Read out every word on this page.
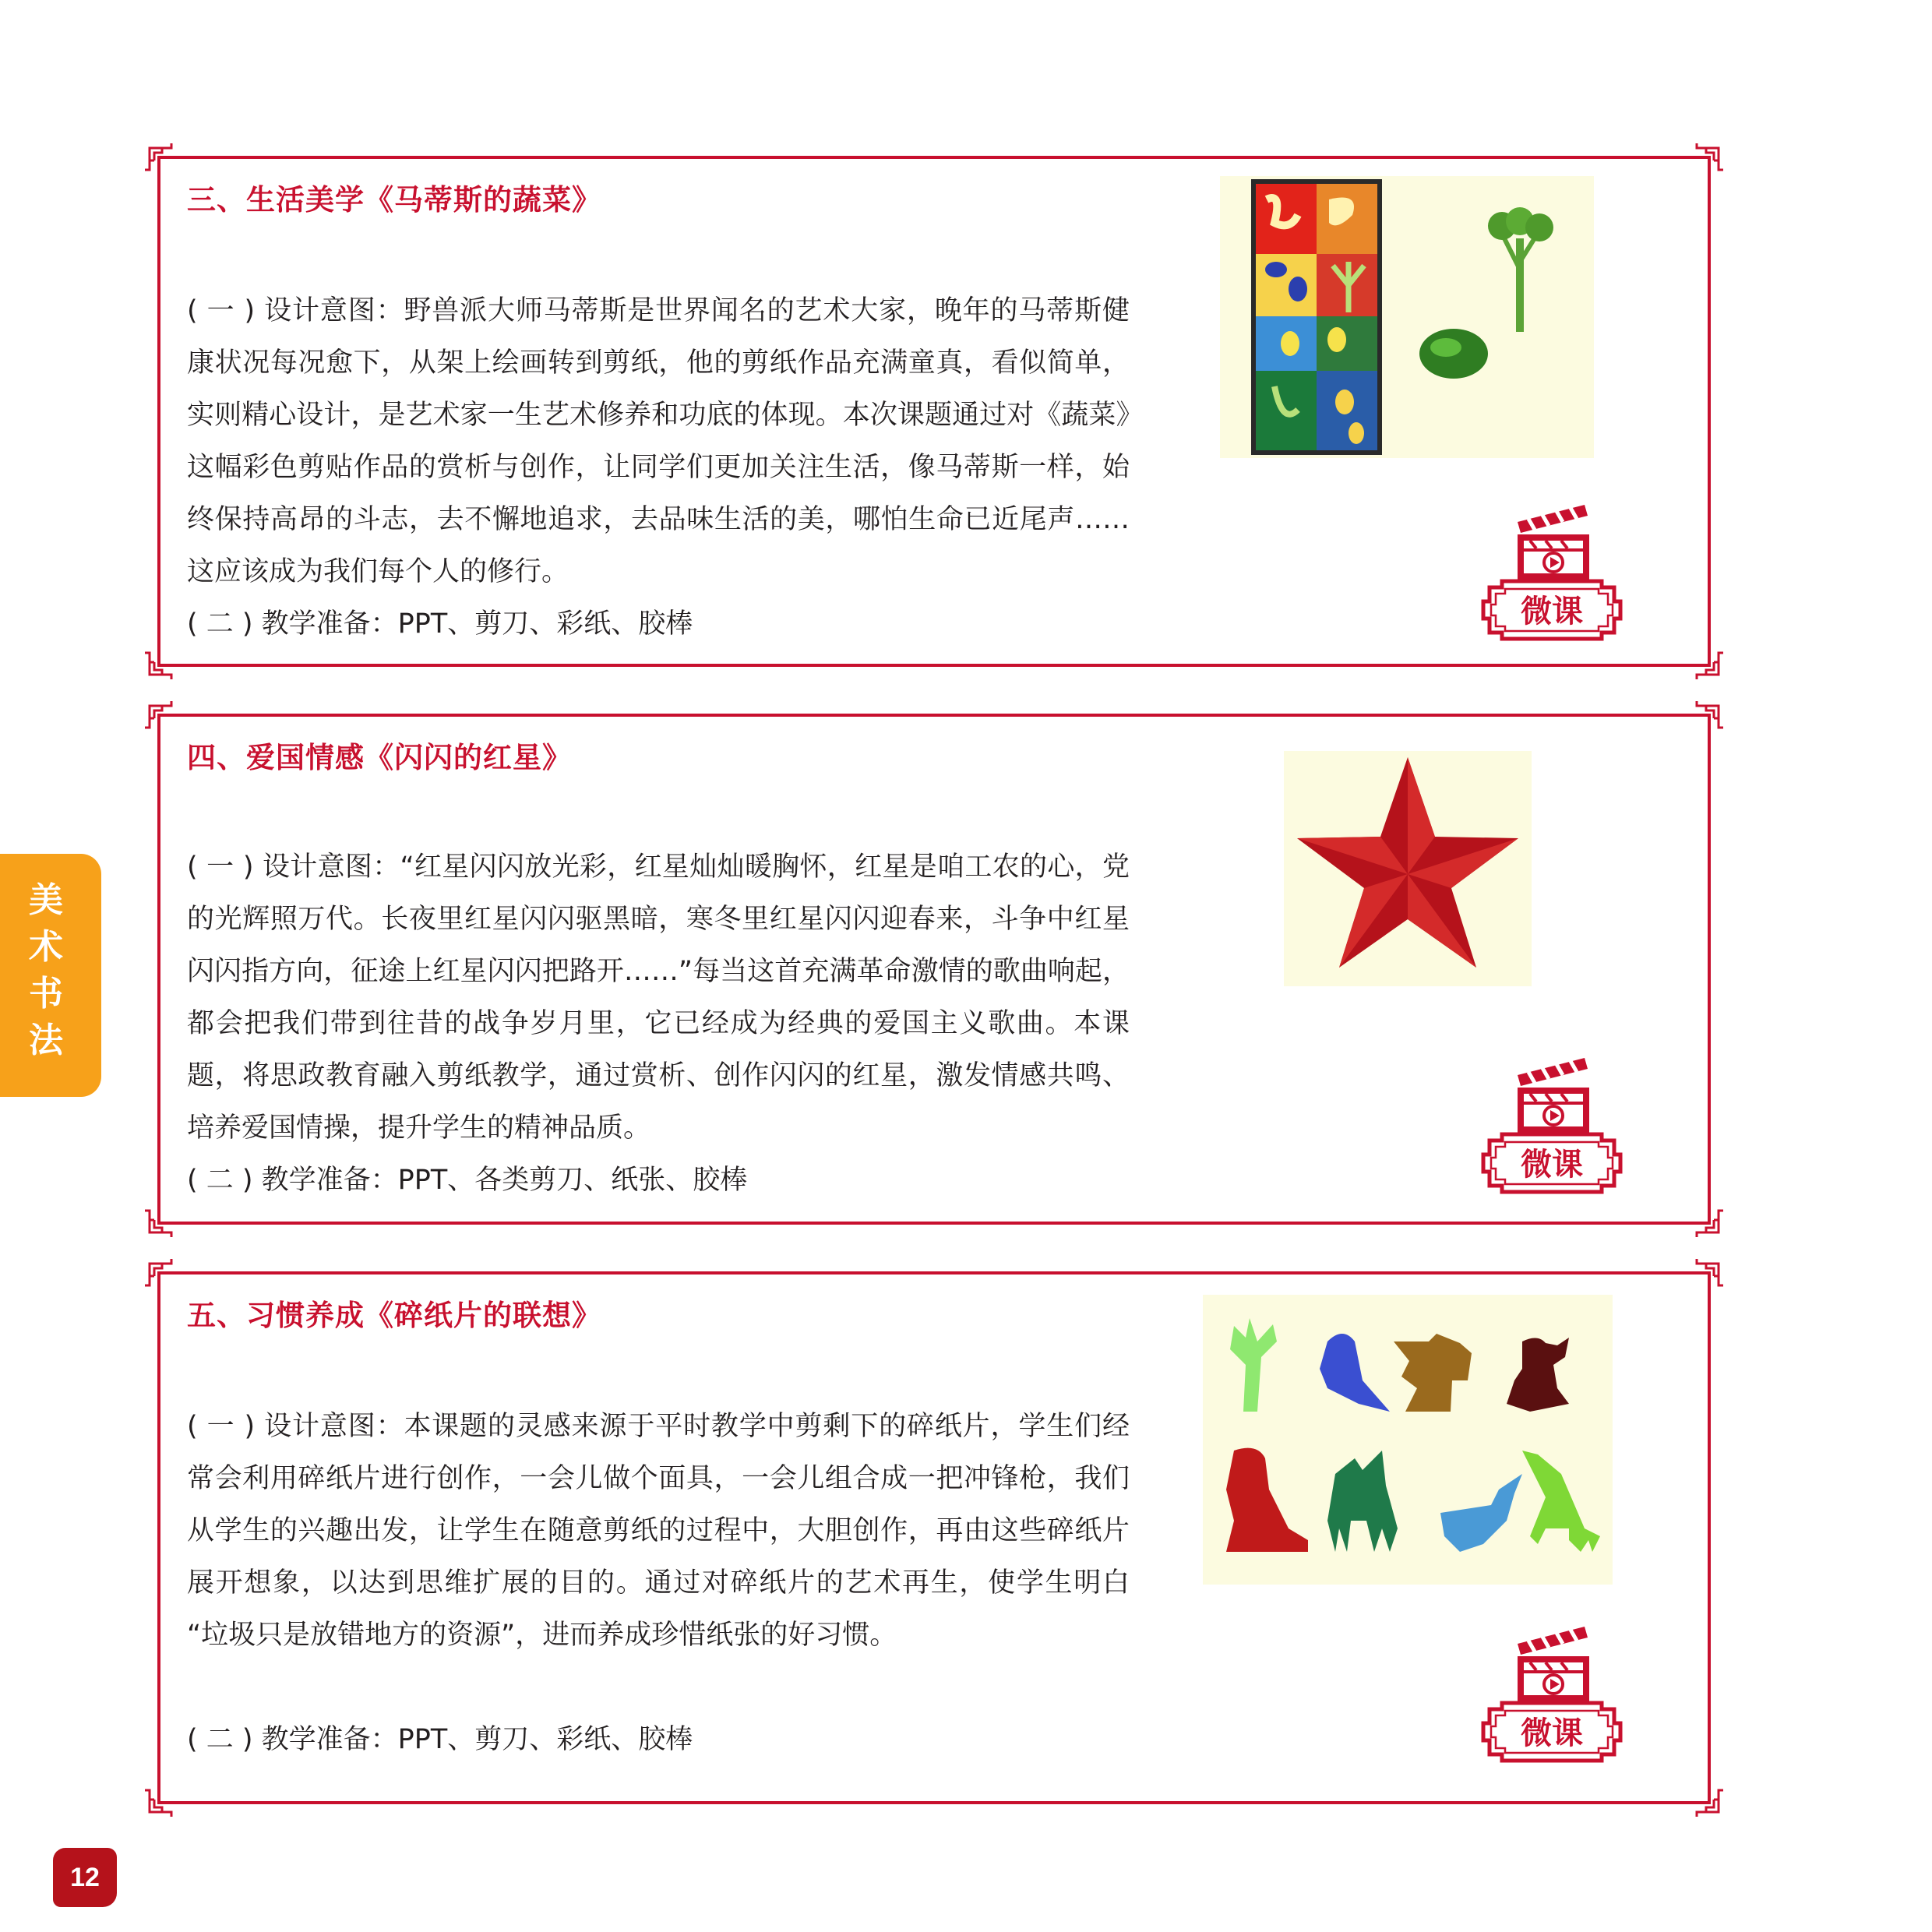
美
术
书
法
12
三、生活美学《马蒂斯的蔬菜》
( 一 ) 设计意图：野兽派大师马蒂斯是世界闻名的艺术大家，晚年的马蒂斯健康状况每况愈下，从架上绘画转到剪纸，他的剪纸作品充满童真，看似简单，实则精心设计，是艺术家一生艺术修养和功底的体现。本次课题通过对《蔬菜》这幅彩色剪贴作品的赏析与创作，让同学们更加关注生活，像马蒂斯一样，始终保持高昂的斗志，去不懈地追求，去品味生活的美，哪怕生命已近尾声……这应该成为我们每个人的修行。
( 二 ) 教学准备：PPT、剪刀、彩纸、胶棒	微课
四、爱国情感《闪闪的红星》
( 一 ) 设计意图：“红星闪闪放光彩，红星灿灿暖胸怀，红星是咱工农的心，党的光辉照万代。长夜里红星闪闪驱黑暗，寒冬里红星闪闪迎春来，斗争中红星闪闪指方向，征途上红星闪闪把路开……”每当这首充满革命激情的歌曲响起，都会把我们带到往昔的战争岁月里，它已经成为经典的爱国主义歌曲。本课题，将思政教育融入剪纸教学，通过赏析、创作闪闪的红星，激发情感共鸣、培养爱国情操，提升学生的精神品质。
( 二 ) 教学准备：PPT、各类剪刀、纸张、胶棒	微课
五、习惯养成《碎纸片的联想》
( 一 ) 设计意图：本课题的灵感来源于平时教学中剪剩下的碎纸片，学生们经常会利用碎纸片进行创作，一会儿做个面具，一会儿组合成一把冲锋枪，我们从学生的兴趣出发，让学生在随意剪纸的过程中，大胆创作，再由这些碎纸片展开想象，以达到思维扩展的目的。通过对碎纸片的艺术再生，使学生明白 “垃圾只是放错地方的资源”，进而养成珍惜纸张的好习惯。
( 二 ) 教学准备：PPT、剪刀、彩纸、胶棒	微课
